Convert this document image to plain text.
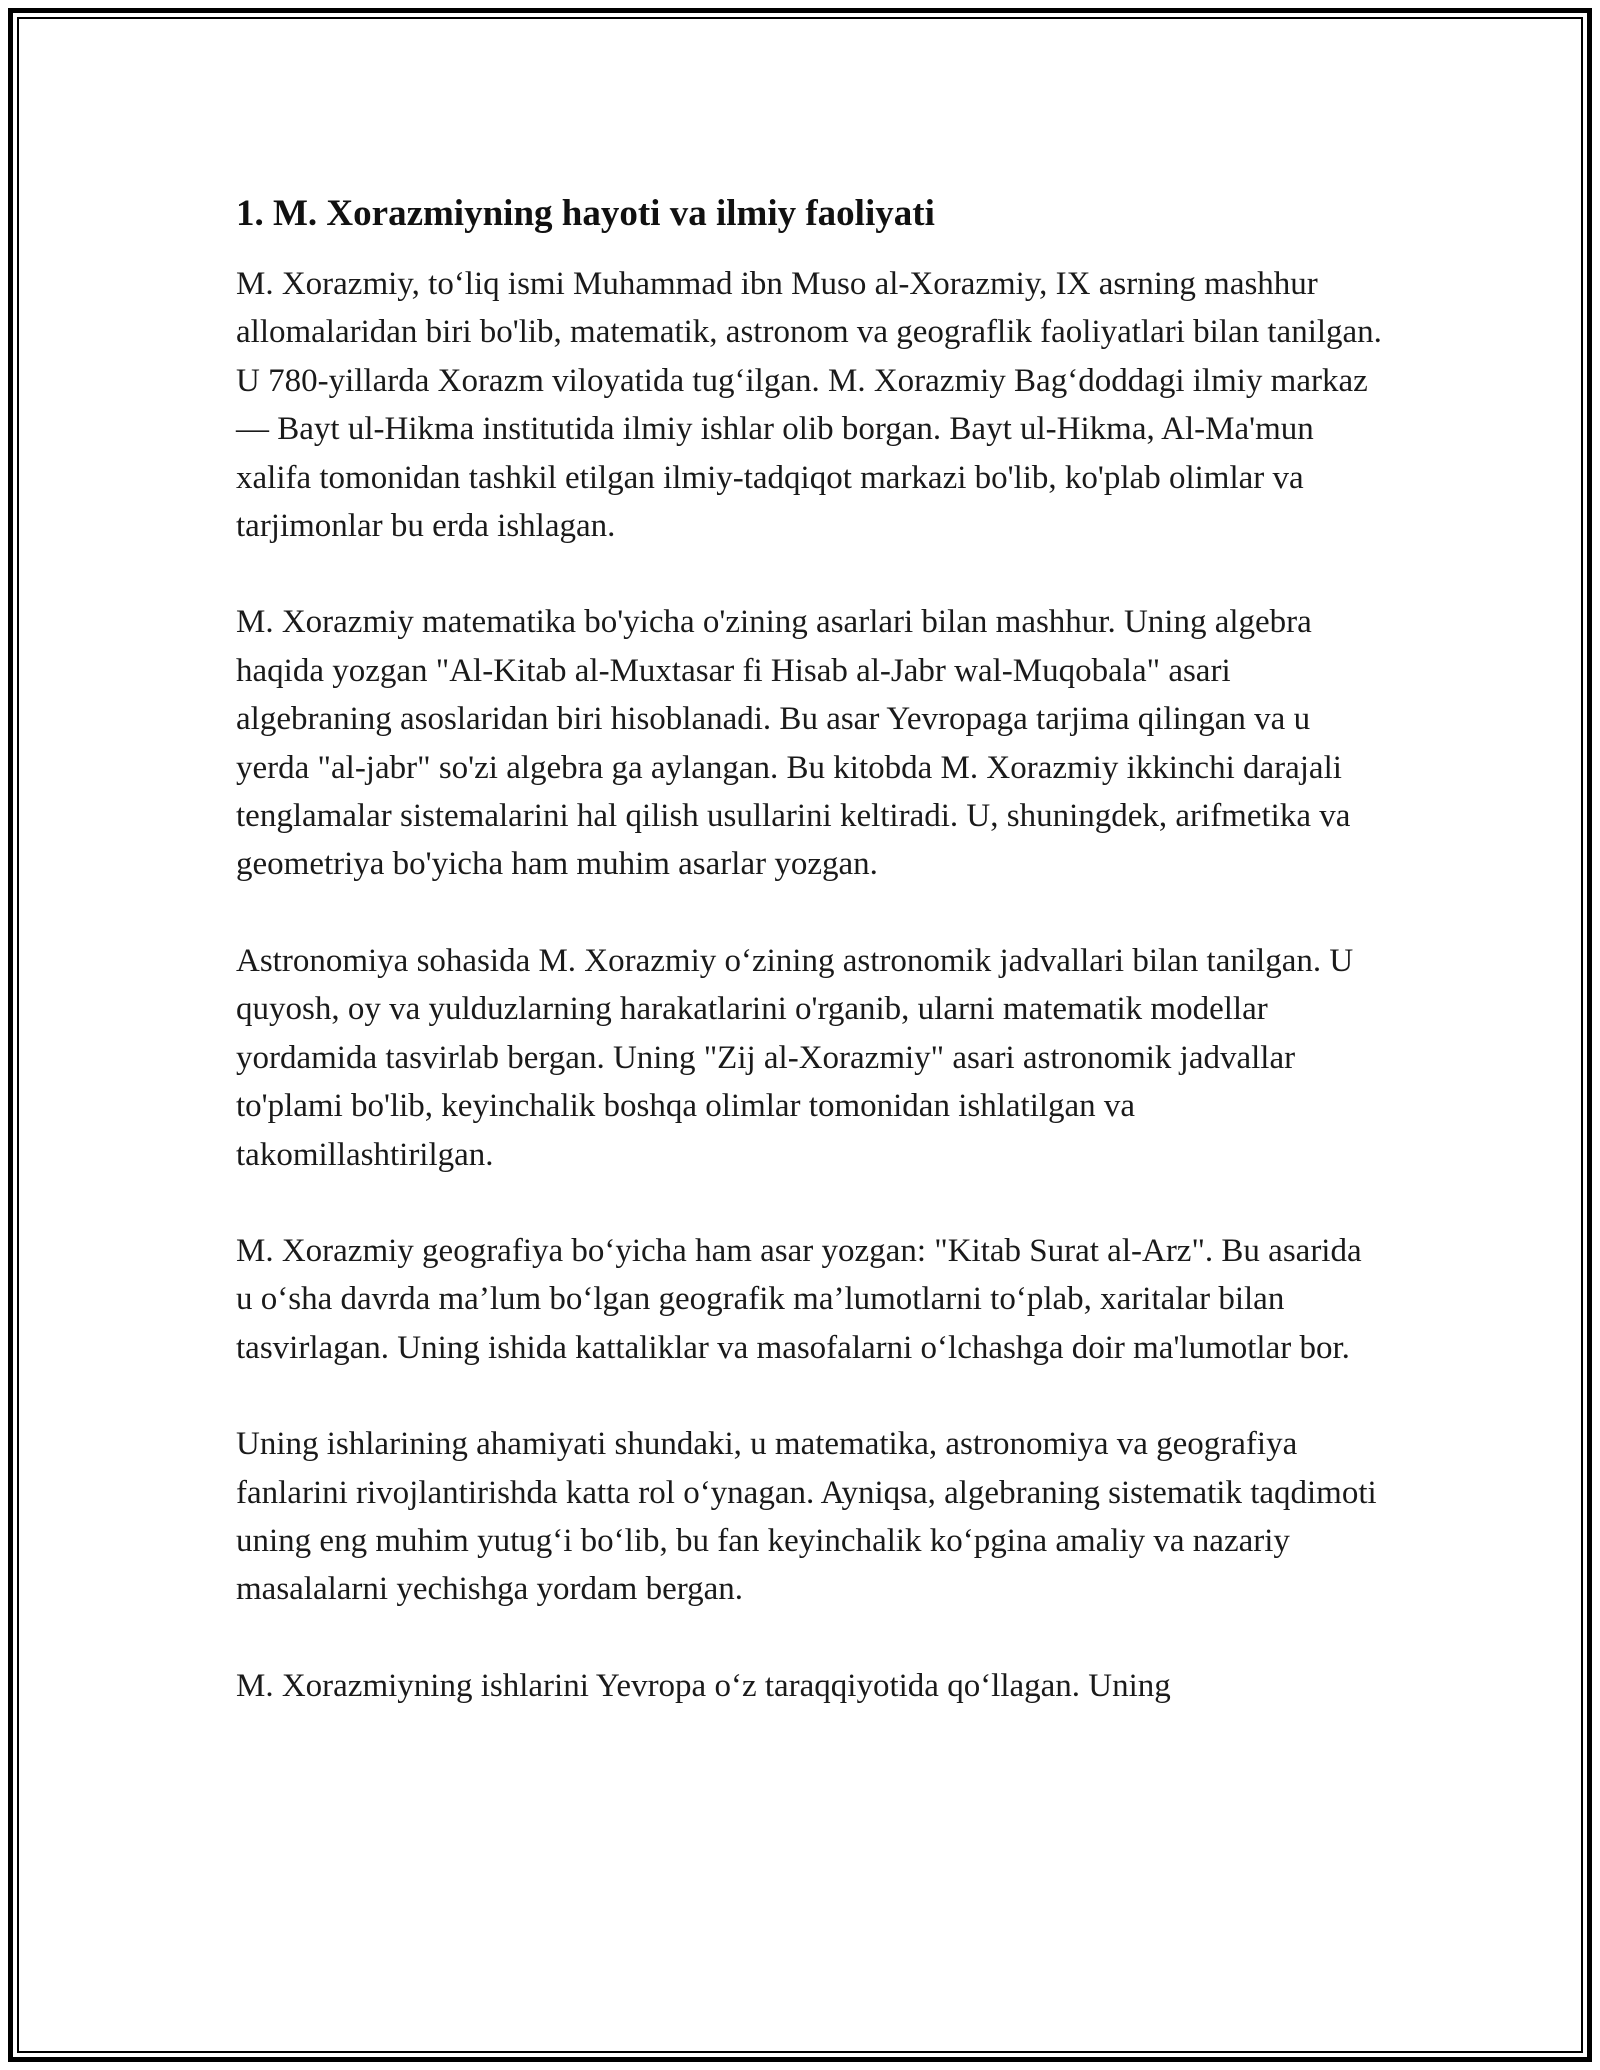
1. M. Xorazmiyning hayoti va ilmiy faoliyati

M. Xorazmiy, to‘liq ismi Muhammad ibn Muso al-Xorazmiy, IX asrning mashhur allomalaridan biri bo'lib, matematik, astronom va geograflik faoliyatlari bilan tanilgan. U 780-yillarda Xorazm viloyatida tug‘ilgan. M. Xorazmiy Bag‘doddagi ilmiy markaz — Bayt ul-Hikma institutida ilmiy ishlar olib borgan. Bayt ul-Hikma, Al-Ma'mun xalifa tomonidan tashkil etilgan ilmiy-tadqiqot markazi bo'lib, ko'plab olimlar va tarjimonlar bu erda ishlagan.

M. Xorazmiy matematika bo'yicha o'zining asarlari bilan mashhur. Uning algebra haqida yozgan "Al-Kitab al-Muxtasar fi Hisab al-Jabr wal-Muqobala" asari algebraning asoslaridan biri hisoblanadi. Bu asar Yevropaga tarjima qilingan va u yerda "al-jabr" so'zi algebra ga aylangan. Bu kitobda M. Xorazmiy ikkinchi darajali tenglamalar sistemalarini hal qilish usullarini keltiradi. U, shuningdek, arifmetika va geometriya bo'yicha ham muhim asarlar yozgan.

Astronomiya sohasida M. Xorazmiy o‘zining astronomik jadvallari bilan tanilgan. U quyosh, oy va yulduzlarning harakatlarini o'rganib, ularni matematik modellar yordamida tasvirlab bergan. Uning "Zij al-Xorazmiy" asari astronomik jadvallar to'plami bo'lib, keyinchalik boshqa olimlar tomonidan ishlatilgan va takomillashtirilgan.

M. Xorazmiy geografiya bo‘yicha ham asar yozgan: "Kitab Surat al-Arz". Bu asarida u o‘sha davrda ma’lum bo‘lgan geografik ma’lumotlarni to‘plab, xaritalar bilan tasvirlagan. Uning ishida kattaliklar va masofalarni o‘lchashga doir ma'lumotlar bor.

Uning ishlarining ahamiyati shundaki, u matematika, astronomiya va geografiya fanlarini rivojlantirishda katta rol o‘ynagan. Ayniqsa, algebraning sistematik taqdimoti uning eng muhim yutug‘i bo‘lib, bu fan keyinchalik ko‘pgina amaliy va nazariy masalalarni yechishga yordam bergan.

M. Xorazmiyning ishlarini Yevropa o‘z taraqqiyotida qo‘llagan. Uning
